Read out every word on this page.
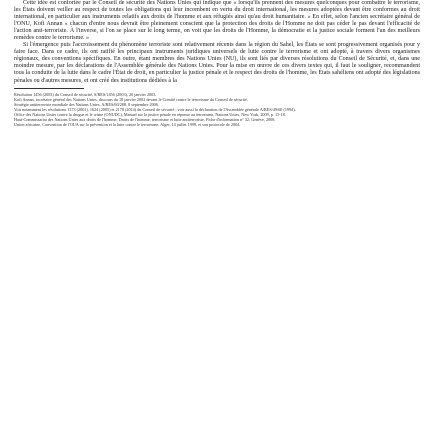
Cette idée est confortée par le Conseil de sécurité des Nations Unies qui indique que « lorsqu'ils prennent des mesures quelconques pour combattre le terrorisme, les États doivent veiller au respect de toutes les obligations qui leur incombent en vertu du droit international, les mesures adoptées devant être conformes au droit international, en particulier aux instruments relatifs aux droits de l'homme et aux réfugiés ainsi qu'au droit humanitaire. » En effet, selon l'ancien secrétaire général de l'ONU, Kofi Annan « chacun d'entre nous devrait être pleinement conscient que la protection des droits de l'Homme ne doit pas céder le pas devant l'efficacité de l'action anti-terroriste. À l'inverse, si l'on se place sur le long terme, on voit que les droits de l'Homme, la démocratie et la justice sociale forment l'un des meilleurs remèdes contre le terrorisme. »

Si l'émergence puis l'accroissement du phénomène terroriste sont relativement récents dans la région du Sahel, les États se sont progressivement organisés pour y faire face. Dans ce cadre, ils ont ratifié les principaux instruments juridiques universels de lutte contre le terrorisme et ont adopté, à travers divers organismes régionaux, des conventions spécifiques. En outre, étant membres des Nations Unies (NU), ils sont liés par diverses résolutions du Conseil de Sécurité, et, dans une moindre mesure, par les déclarations de l'Assemblée générale des Nations Unies. Pour la mise en œuvre de ces divers textes qui, il faut le souligner, recommandent tous la conduite de la lutte dans le cadre l'État de droit, en particulier la justice pénale et le respect des droits de l'homme, les États sahéliens ont adopté des législations pénales ou d'autres mesures, et ont créé des institutions dédiées à la

Résolution 1456 (2003) du Conseil de sécurité, S/RES/1456 (2003), 20 janvier 2003.

Kofi Annan, secrétaire général des Nations Unies, discours du 18 janvier 2002 devant le Comité contre le terrorisme du Conseil de sécurité.

Stratégie antiterroriste mondiale des Nations Unies, A/RES/60/288, 8 septembre 2006.

Voir notamment les résolutions 1373 (2001), 1624 (2005) et 2178 (2014) du Conseil de sécurité ; voir aussi la déclaration de l'Assemblée générale A/RES/49/60 (1994).

Office des Nations Unies contre la drogue et le crime (ONUDC), Manuel sur la justice pénale en réponse au terrorisme, Nations Unies, New York, 2009, p. 15-18.

Haut-Commissariat des Nations Unies aux droits de l'homme, Droits de l'homme, terrorisme et lutte antiterroriste, Fiche d'information n° 32, Genève, 2008.

Union africaine, Convention de l'OUA sur la prévention et la lutte contre le terrorisme, Alger, 14 juillet 1999, et son protocole de 2004.
